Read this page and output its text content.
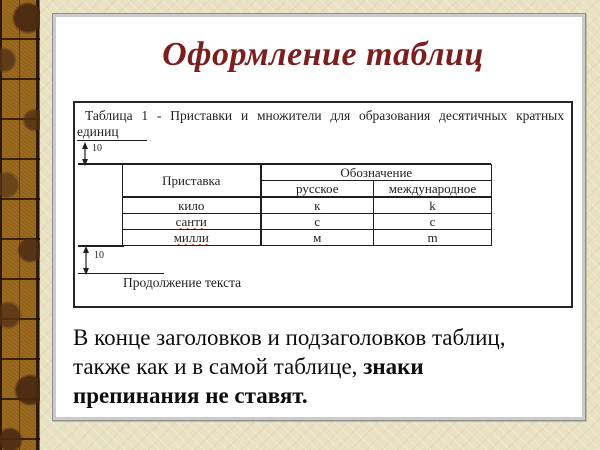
Оформление таблиц
Таблица 1 - Приставки и множители для образования десятичных кратных
единиц
10
Приставка	Обозначение	
	русское	международное
кило	к	k
санти	с	c
милли	м	m
10
Продолжение текста

В конце заголовков и подзаголовков таблиц,
также как и в самой таблице, знаки
препинания не ставят.
